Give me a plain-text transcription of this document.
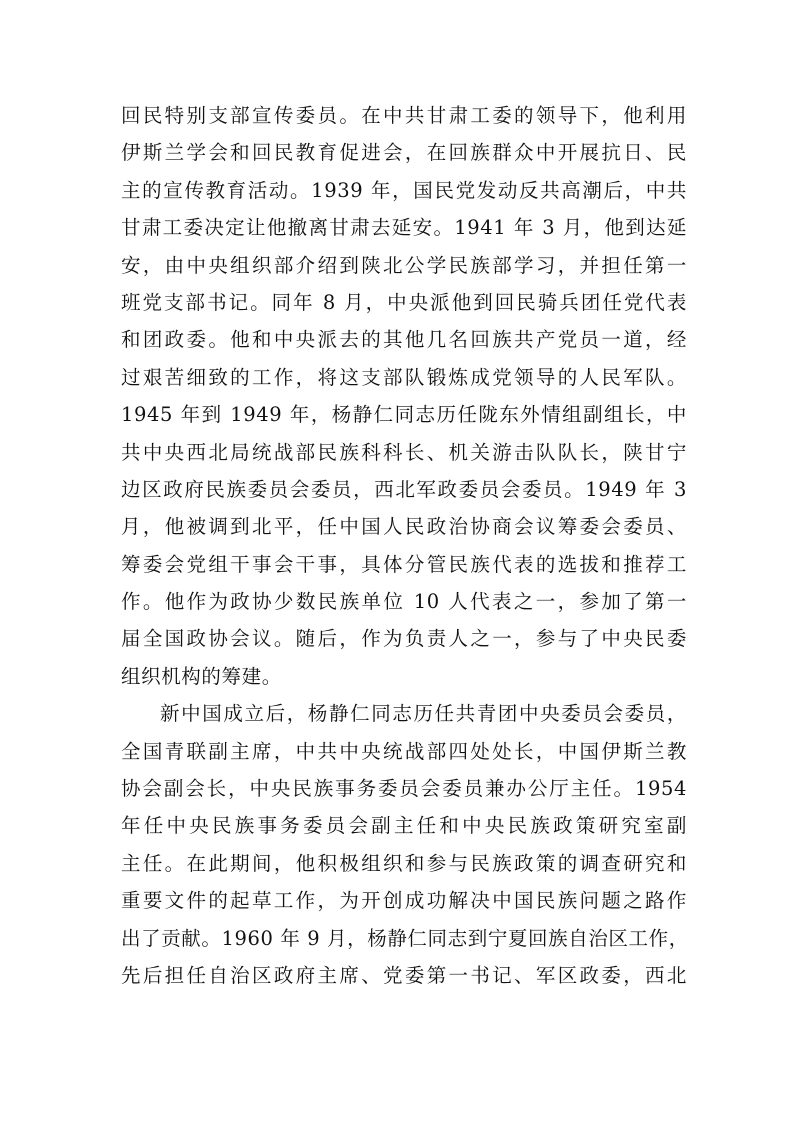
回民特别支部宣传委员。在中共甘肃工委的领导下，他利用
伊斯兰学会和回民教育促进会，在回族群众中开展抗日、民
主的宣传教育活动。1939 年，国民党发动反共高潮后，中共
甘肃工委决定让他撤离甘肃去延安。1941 年 3 月，他到达延
安，由中央组织部介绍到陕北公学民族部学习，并担任第一
班党支部书记。同年 8 月，中央派他到回民骑兵团任党代表
和团政委。他和中央派去的其他几名回族共产党员一道，经
过艰苦细致的工作，将这支部队锻炼成党领导的人民军队。
1945 年到 1949 年，杨静仁同志历任陇东外情组副组长，中
共中央西北局统战部民族科科长、机关游击队队长，陕甘宁
边区政府民族委员会委员，西北军政委员会委员。1949 年 3
月，他被调到北平，任中国人民政治协商会议筹委会委员、
筹委会党组干事会干事，具体分管民族代表的选拔和推荐工
作。他作为政协少数民族单位 10 人代表之一，参加了第一
届全国政协会议。随后，作为负责人之一，参与了中央民委
组织机构的筹建。
新中国成立后，杨静仁同志历任共青团中央委员会委员，
全国青联副主席，中共中央统战部四处处长，中国伊斯兰教
协会副会长，中央民族事务委员会委员兼办公厅主任。1954
年任中央民族事务委员会副主任和中央民族政策研究室副
主任。在此期间，他积极组织和参与民族政策的调查研究和
重要文件的起草工作，为开创成功解决中国民族问题之路作
出了贡献。1960 年 9 月，杨静仁同志到宁夏回族自治区工作，
先后担任自治区政府主席、党委第一书记、军区政委，西北
